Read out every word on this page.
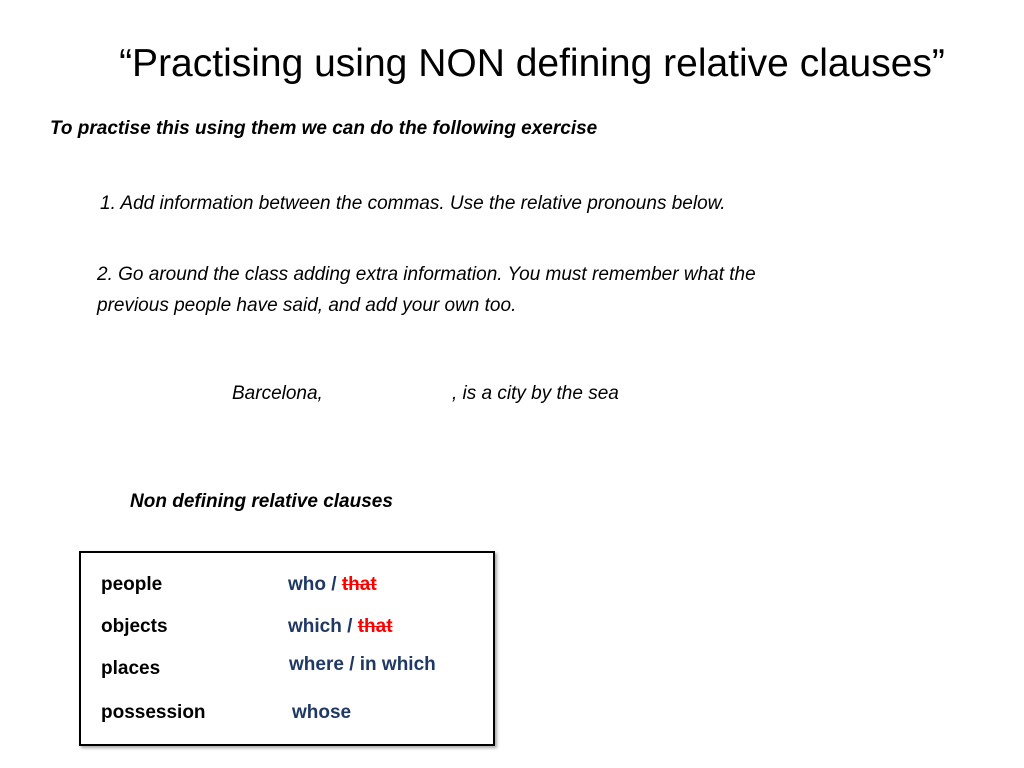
“Practising using NON defining relative clauses”
To practise this using them we can do the following exercise
1. Add information between the commas. Use the relative pronouns below.
2. Go around the class adding extra information. You must remember what the previous people have said, and add your own too.
Barcelona,	, is a city by the sea
Non defining relative clauses
people	who / that
objects	which / that
places	where / in which
possession	whose
